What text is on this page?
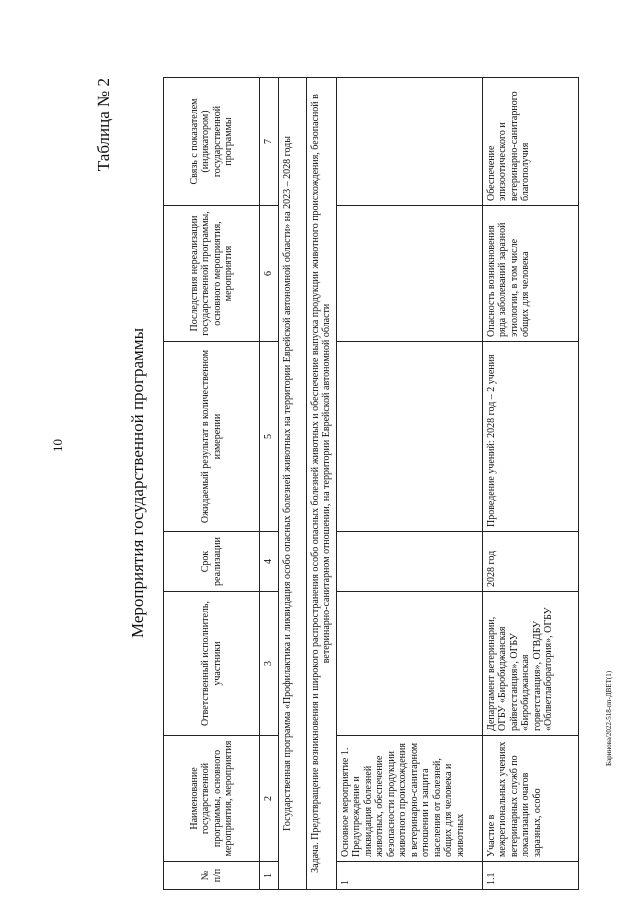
10
Баринова/2022-518-пп-ДВЕТ(1)
Таблица № 2
Мероприятия государственной программы
№ п/п	Наименование государственной программы, основного мероприятия, мероприятия	Ответственный исполнитель, участники	Срок реализации	Ожидаемый результат в количественном измерении	Последствия нереализации государственной программы, основного мероприятия, мероприятия	Связь с показателем (индикатором) государственной программы
1	2	3	4	5	6	7
Государственная программа «Профилактика и ликвидация особо опасных болезней животных на территории Еврейской автономной области» на 2023 – 2028 годы						
Задача. Предотвращение возникновения и широкого распространения особо опасных болезней животных и обеспечение выпуска продукции животного происхождения, безопасной в ветеринарно-санитарном отношении, на территории Еврейской автономной области						
1	Основное мероприятие 1. Предупреждение и ликвидация болезней животных, обеспечение безопасности продукции животного происхождения в ветеринарно-санитарном отношении и защита населения от болезней, общих для человека и животных					
1.1	Участие в межрегиональных учениях ветеринарных служб по локализации очагов заразных, особо	Департамент ветеринарии, ОГБУ «Биробиджанская райветстанция», ОГБУ «Биробиджанская горветстанция», ОГВДБУ «Облветлаборатория», ОГБУ	2028 год	Проведение учений: 2028 год – 2 учения	Опасность возникновения ряда заболеваний заразной этиологии, в том числе общих для человека	Обеспечение эпизоотического и ветеринарно-санитарного благополучия
